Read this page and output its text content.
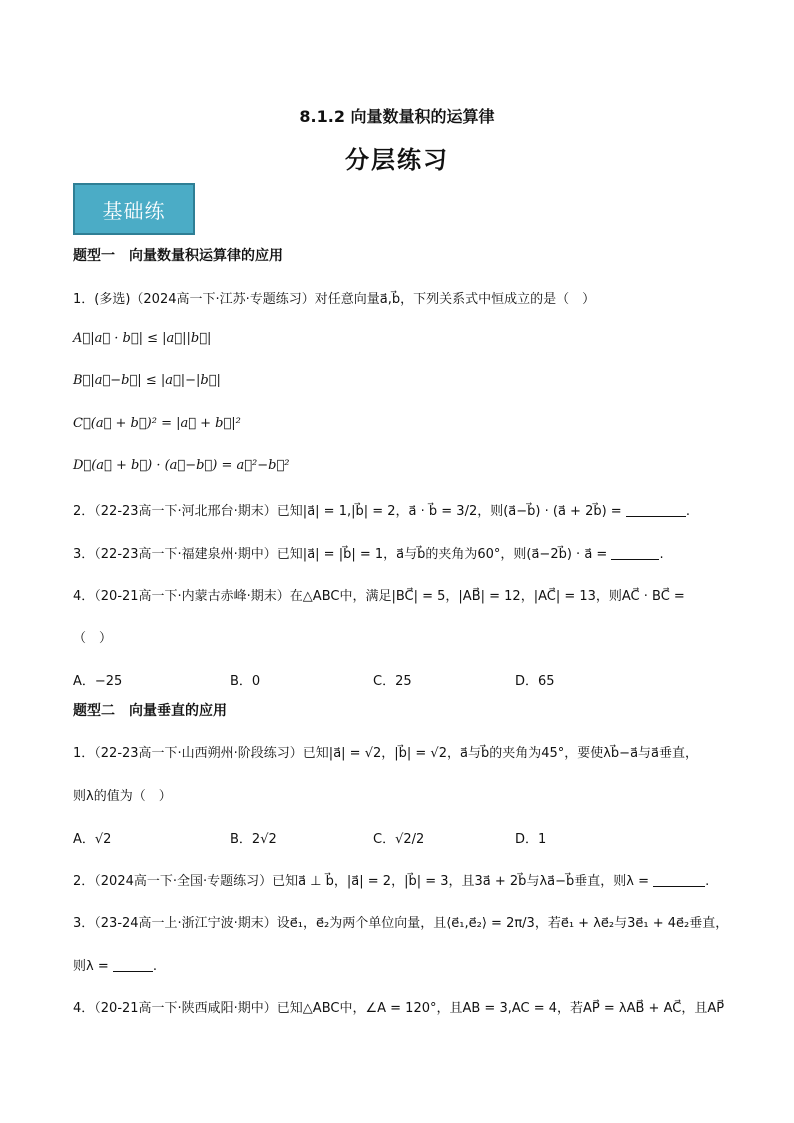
8.1.2 向量数量积的运算律
分层练习
基础练
题型一　向量数量积运算律的应用
1．(多选)（2024高一下·江苏·专题练习）对任意向量a⃗,b⃗，下列关系式中恒成立的是（　）
A．|a⃗ · b⃗| ≤ |a⃗||b⃗|
B．|a⃗−b⃗| ≤ |a⃗|−|b⃗|
C．(a⃗ + b⃗)² = |a⃗ + b⃗|²
D．(a⃗ + b⃗) · (a⃗−b⃗) = a⃗²−b⃗²
2．（22-23高一下·河北邢台·期末）已知|a⃗| = 1,|b⃗| = 2，a⃗ · b⃗ = 3/2，则(a⃗−b⃗) · (a⃗ + 2b⃗) =	.
3．（22-23高一下·福建泉州·期中）已知|a⃗| = |b⃗| = 1，a⃗与b⃗的夹角为60°，则(a⃗−2b⃗) · a⃗ =	.
4．（20-21高一下·内蒙古赤峰·期末）在△ABC中，满足|BC⃗| = 5，|AB⃗| = 12，|AC⃗| = 13，则AC⃗ · BC⃗ =
（　）
A．−25	B．0	C．25	D．65
题型二　向量垂直的应用
1．（22-23高一下·山西朔州·阶段练习）已知|a⃗| = √2，|b⃗| = √2，a⃗与b⃗的夹角为45°，要使λb⃗−a⃗与a⃗垂直，
则λ的值为（　）
A．√2	B．2√2	C．√2/2	D．1
2．（2024高一下·全国·专题练习）已知a⃗ ⊥ b⃗，|a⃗| = 2，|b⃗| = 3，且3a⃗ + 2b⃗与λa⃗−b⃗垂直，则λ =	.
3．（23-24高一上·浙江宁波·期末）设e⃗₁，e⃗₂为两个单位向量，且⟨e⃗₁,e⃗₂⟩ = 2π/3，若e⃗₁ + λe⃗₂与3e⃗₁ + 4e⃗₂垂直，
则λ =	.
4．（20-21高一下·陕西咸阳·期中）已知△ABC中，∠A = 120°，且AB = 3,AC = 4，若AP⃗ = λAB⃗ + AC⃗，且AP⃗
